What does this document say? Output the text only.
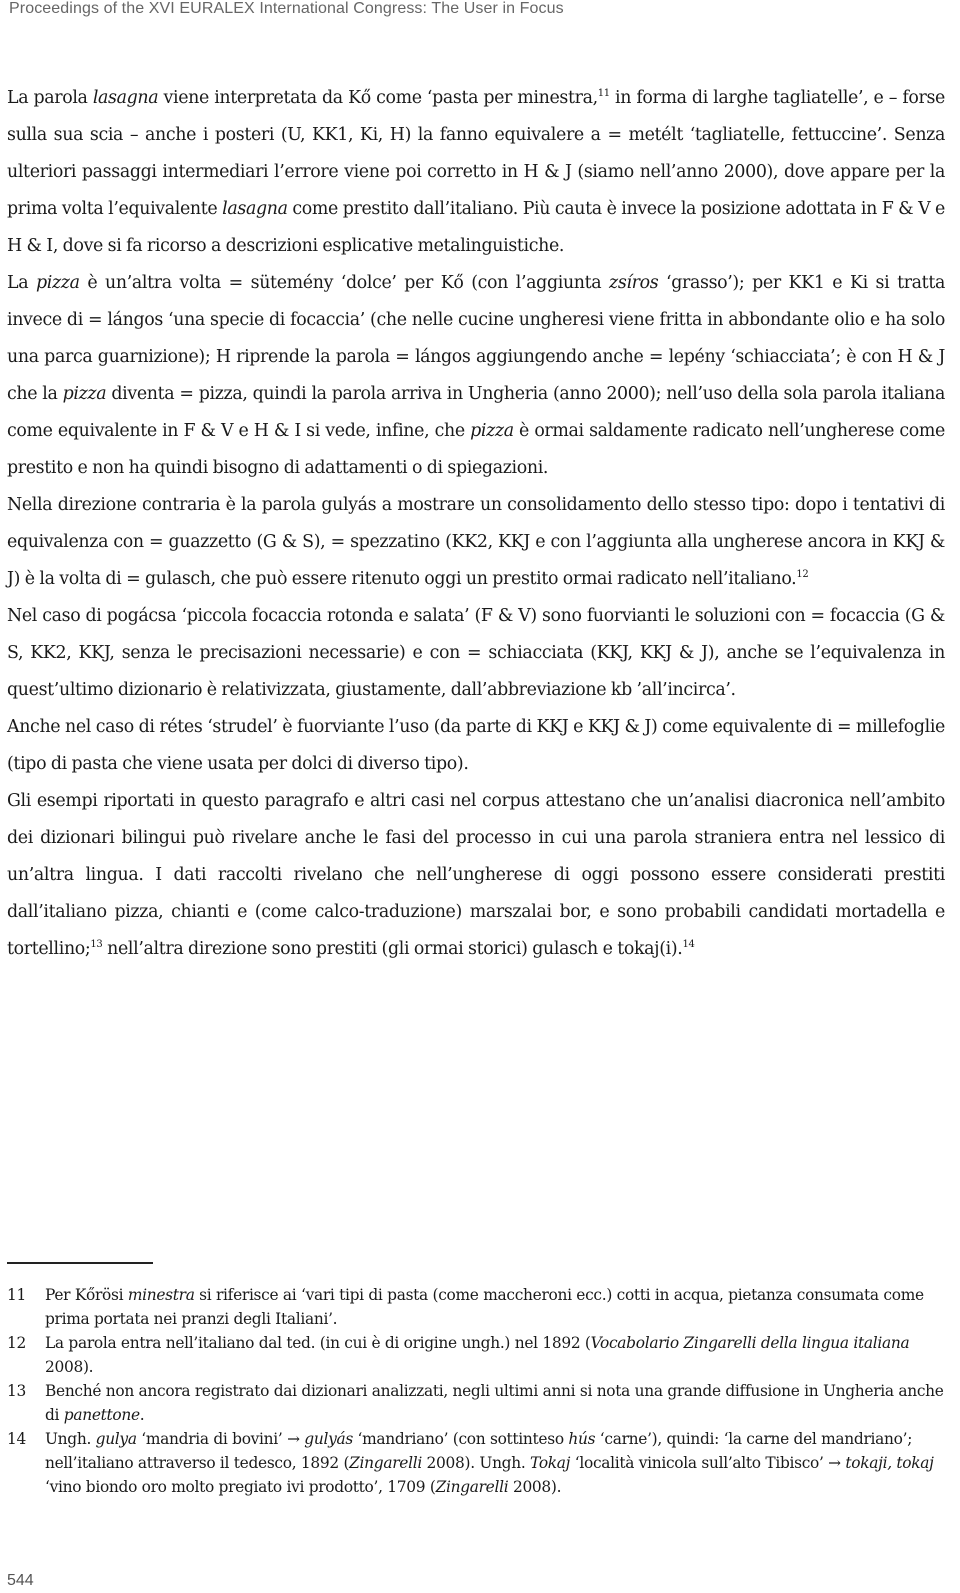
Proceedings of the XVI EURALEX International Congress: The User in Focus

La parola lasagna viene interpretata da Kő come ‘pasta per minestra,$^{11}$ in forma di larghe tagliatelle’, e – forse sulla sua scia – anche i posteri (U, KK1, Ki, H) la fanno equivalere a = metélt ‘tagliatelle, fettuccine’. Senza ulteriori passaggi intermediari l’errore viene poi corretto in H & J (siamo nell’anno 2000), dove appare per la prima volta l’equivalente lasagna come prestito dall’italiano. Più cauta è invece la posizione adottata in F & V e H & I, dove si fa ricorso a descrizioni esplicative metalinguistiche.

La pizza è un’altra volta = sütemény ‘dolce’ per Kő (con l’aggiunta zsíros ‘grasso’); per KK1 e Ki si tratta invece di = lángos ‘una specie di focaccia’ (che nelle cucine ungheresi viene fritta in abbondante olio e ha solo una parca guarnizione); H riprende la parola = lángos aggiungendo anche = lepény ‘schiacciata’; è con H & J che la pizza diventa = pizza, quindi la parola arriva in Ungheria (anno 2000); nell’uso della sola parola italiana come equivalente in F & V e H & I si vede, infine, che pizza è ormai saldamente radicato nell’ungherese come prestito e non ha quindi bisogno di adattamenti o di spiegazioni.

Nella direzione contraria è la parola gulyás a mostrare un consolidamento dello stesso tipo: dopo i tentativi di equivalenza con = guazzetto (G & S), = spezzatino (KK2, KKJ e con l’aggiunta alla ungherese ancora in KKJ & J) è la volta di = gulasch, che può essere ritenuto oggi un prestito ormai radicato nell’italiano.$^{12}$

Nel caso di pogácsa ‘piccola focaccia rotonda e salata’ (F & V) sono fuorvianti le soluzioni con = focaccia (G & S, KK2, KKJ, senza le precisazioni necessarie) e con = schiacciata (KKJ, KKJ & J), anche se l’equivalenza in quest’ultimo dizionario è relativizzata, giustamente, dall’abbreviazione kb ’all’incirca’.

Anche nel caso di rétes ‘strudel’ è fuorviante l’uso (da parte di KKJ e KKJ & J) come equivalente di = millefoglie (tipo di pasta che viene usata per dolci di diverso tipo).

Gli esempi riportati in questo paragrafo e altri casi nel corpus attestano che un’analisi diacronica nell’ambito dei dizionari bilingui può rivelare anche le fasi del processo in cui una parola straniera entra nel lessico di un’altra lingua. I dati raccolti rivelano che nell’ungherese di oggi possono essere considerati prestiti dall’italiano pizza, chianti e (come calco-traduzione) marszalai bor, e sono probabili candidati mortadella e tortellino;$^{13}$ nell’altra direzione sono prestiti (gli ormai storici) gulasch e tokaj(i).$^{14}$

11	Per Kőrösi minestra si riferisce ai ‘vari tipi di pasta (come maccheroni ecc.) cotti in acqua, pietanza consumata come prima portata nei pranzi degli Italiani’.
12	La parola entra nell’italiano dal ted. (in cui è di origine ungh.) nel 1892 (Vocabolario Zingarelli della lingua italiana 2008).
13	Benché non ancora registrato dai dizionari analizzati, negli ultimi anni si nota una grande diffusione in Ungheria anche di panettone.
14	Ungh. gulya ‘mandria di bovini’ → gulyás ‘mandriano’ (con sottinteso hús ‘carne’), quindi: ‘la carne del mandriano’; nell’italiano attraverso il tedesco, 1892 (Zingarelli 2008). Ungh. Tokaj ‘località vinicola sull’alto Tibisco’ → tokaji, tokaj ‘vino biondo oro molto pregiato ivi prodotto’, 1709 (Zingarelli 2008).
544
